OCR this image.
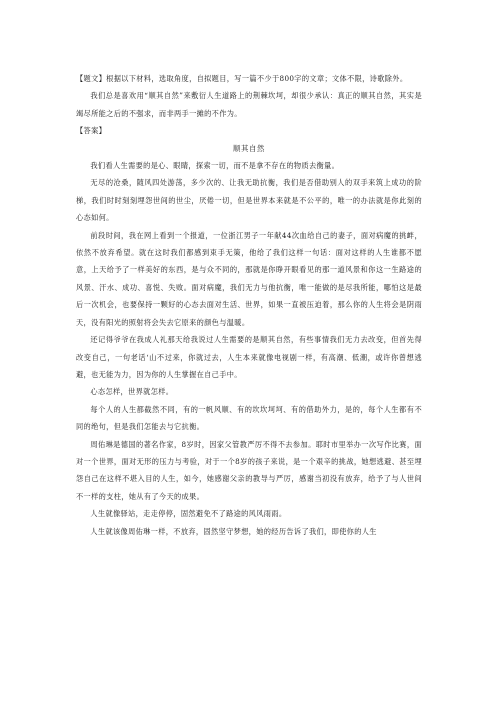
【题文】根据以下材料，选取角度，自拟题目，写一篇不少于800字的文章；文体不限，诗歌除外。

我们总是喜欢用“顺其自然”来敷衍人生道路上的荆棘坎坷，却很少承认：真正的顺其自然，其实是竭尽所能之后的不强求，而非两手一摊的不作为。

【答案】

顺其自然

我们看人生需要的是心、眼睛，探索一切，而不是拿不存在的物质去衡量。

无尽的沧桑，随风四处游荡，多少次的、让我无助抗衡，我们是否借助别人的双手来筑上成功的阶梯，我们时时刻刻埋怨世间的世尘，厌倦一切，但是世界本来就是不公平的，唯一的办法就是你此刻的心态如何。

前段时间，我在网上看到一个报道，一位浙江男子一年献44次血给自己的妻子，面对病魔的挑衅，依然不放弃希望。就在这时我们都感到束手无策，他给了我们这样一句话：面对这样的人生谁都不愿意，上天给予了一样美好的东西，是与众不同的，那就是你睁开眼看见的那一道风景和你这一生路途的风景、汗水、成功、喜悦、失败。面对病魔，我们无力与他抗衡，唯一能做的是尽我所能，哪怕这是最后一次机会，也要保持一颗好的心态去面对生活、世界，如果一直被压迫着，那么你的人生将会是阴雨天，没有阳光的照射将会失去它原来的颜色与温暖。

还记得爷爷在我成人礼那天给我说过人生需要的是顺其自然，有些事情我们无力去改变，但首先得改变自己，一句老话‘山不过来，你就过去，人生本来就像电视剧一样，有高潮、低潮，或许你曾想逃避，也无能为力，因为你的人生掌握在自己手中。

心态怎样，世界就怎样。

每个人的人生都截然不同，有的一帆风顺、有的坎坎坷坷、有的借助外力，是的，每个人生都有不同的绝句，但是我们怎能去与它抗衡。

周佑琳是德国的著名作家，8岁时，因家父管教严厉不得不去参加。耶时市里举办一次写作比赛，面对一个世界，面对无形的压力与考验，对于一个8岁的孩子来说，是一个艰辛的挑战，她想逃避、甚至埋怨自己在这样不堪入目的人生，如今，她感谢父亲的教导与严厉，感谢当初没有放弃，给予了与人世间不一样的支柱，她从有了今天的成果。

人生就像驿站，走走停停，固然避免不了路途的风风雨雨。

人生就该像周佑琳一样，不放弃，固然坚守梦想，她的经历告诉了我们，即使你的人生
